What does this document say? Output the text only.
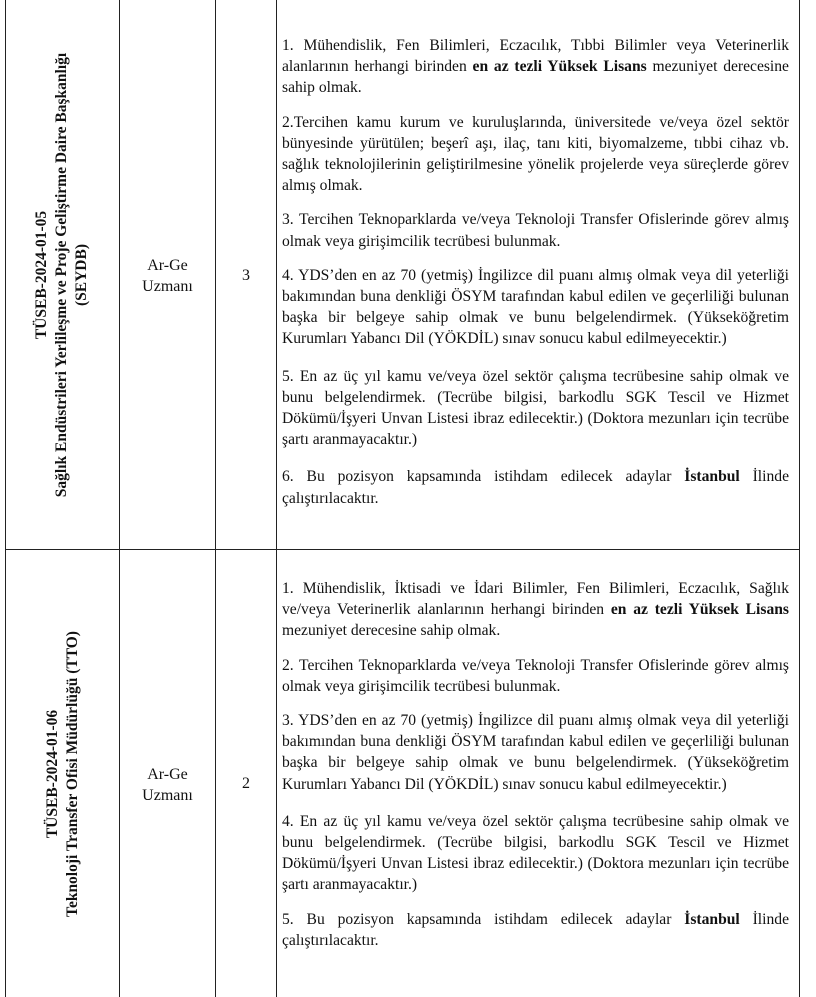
TÜSEB-2024-01-05 Sağlık Endüstrileri Yerlileşme ve Proje Geliştirme Daire Başkanlığı (SEYDB)	Ar-Ge
Uzmanı
3

1. Mühendislik, Fen Bilimleri, Eczacılık, Tıbbi Bilimler veya Veterinerlik alanlarının herhangi birinden en az tezli Yüksek Lisans mezuniyet derecesine sahip olmak.

2.Tercihen kamu kurum ve kuruluşlarında, üniversitede ve/veya özel sektör bünyesinde yürütülen; beşerî aşı, ilaç, tanı kiti, biyomalzeme, tıbbi cihaz vb. sağlık teknolojilerinin geliştirilmesine yönelik projelerde veya süreçlerde görev almış olmak.

3. Tercihen Teknoparklarda ve/veya Teknoloji Transfer Ofislerinde görev almış olmak veya girişimcilik tecrübesi bulunmak.

4. YDS’den en az 70 (yetmiş) İngilizce dil puanı almış olmak veya dil yeterliği bakımından buna denkliği ÖSYM tarafından kabul edilen ve geçerliliği bulunan başka bir belgeye sahip olmak ve bunu belgelendirmek. (Yükseköğretim Kurumları Yabancı Dil (YÖKDİL) sınav sonucu kabul edilmeyecektir.)

5. En az üç yıl kamu ve/veya özel sektör çalışma tecrübesine sahip olmak ve bunu belgelendirmek. (Tecrübe bilgisi, barkodlu SGK Tescil ve Hizmet Dökümü/İşyeri Unvan Listesi ibraz edilecektir.) (Doktora mezunları için tecrübe şartı aranmayacaktır.)

6. Bu pozisyon kapsamında istihdam edilecek adaylar İstanbul İlinde çalıştırılacaktır.

TÜSEB-2024-01-06 Teknoloji Transfer Ofisi Müdürlüğü (TTO)	Ar-Ge
Uzmanı
2

1. Mühendislik, İktisadi ve İdari Bilimler, Fen Bilimleri, Eczacılık, Sağlık ve/veya Veterinerlik alanlarının herhangi birinden en az tezli Yüksek Lisans mezuniyet derecesine sahip olmak.

2. Tercihen Teknoparklarda ve/veya Teknoloji Transfer Ofislerinde görev almış olmak veya girişimcilik tecrübesi bulunmak.

3. YDS’den en az 70 (yetmiş) İngilizce dil puanı almış olmak veya dil yeterliği bakımından buna denkliği ÖSYM tarafından kabul edilen ve geçerliliği bulunan başka bir belgeye sahip olmak ve bunu belgelendirmek. (Yükseköğretim Kurumları Yabancı Dil (YÖKDİL) sınav sonucu kabul edilmeyecektir.)

4. En az üç yıl kamu ve/veya özel sektör çalışma tecrübesine sahip olmak ve bunu belgelendirmek. (Tecrübe bilgisi, barkodlu SGK Tescil ve Hizmet Dökümü/İşyeri Unvan Listesi ibraz edilecektir.) (Doktora mezunları için tecrübe şartı aranmayacaktır.)

5. Bu pozisyon kapsamında istihdam edilecek adaylar İstanbul İlinde çalıştırılacaktır.
